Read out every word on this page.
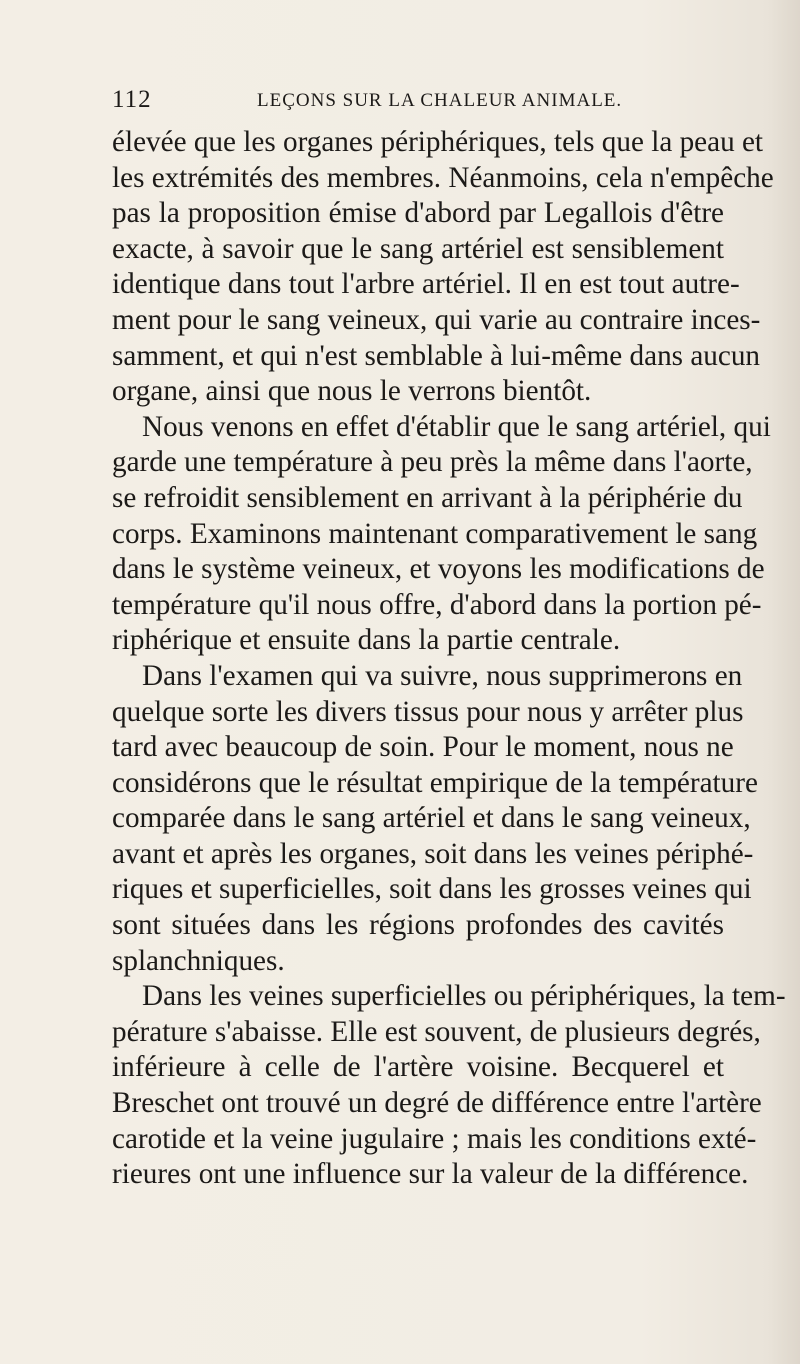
112	LEÇONS SUR LA CHALEUR ANIMALE.
élevée que les organes périphériques, tels que la peau et
les extrémités des membres. Néanmoins, cela n'empêche
pas la proposition émise d'abord par Legallois d'être
exacte, à savoir que le sang artériel est sensiblement
identique dans tout l'arbre artériel. Il en est tout autre-
ment pour le sang veineux, qui varie au contraire inces-
samment, et qui n'est semblable à lui-même dans aucun
organe, ainsi que nous le verrons bientôt.
Nous venons en effet d'établir que le sang artériel, qui
garde une température à peu près la même dans l'aorte,
se refroidit sensiblement en arrivant à la périphérie du
corps. Examinons maintenant comparativement le sang
dans le système veineux, et voyons les modifications de
température qu'il nous offre, d'abord dans la portion pé-
riphérique et ensuite dans la partie centrale.
Dans l'examen qui va suivre, nous supprimerons en
quelque sorte les divers tissus pour nous y arrêter plus
tard avec beaucoup de soin. Pour le moment, nous ne
considérons que le résultat empirique de la température
comparée dans le sang artériel et dans le sang veineux,
avant et après les organes, soit dans les veines périphé-
riques et superficielles, soit dans les grosses veines qui
sont situées dans les régions profondes des cavités
splanchniques.
Dans les veines superficielles ou périphériques, la tem-
pérature s'abaisse. Elle est souvent, de plusieurs degrés,
inférieure à celle de l'artère voisine. Becquerel et
Breschet ont trouvé un degré de différence entre l'artère
carotide et la veine jugulaire ; mais les conditions exté-
rieures ont une influence sur la valeur de la différence.
